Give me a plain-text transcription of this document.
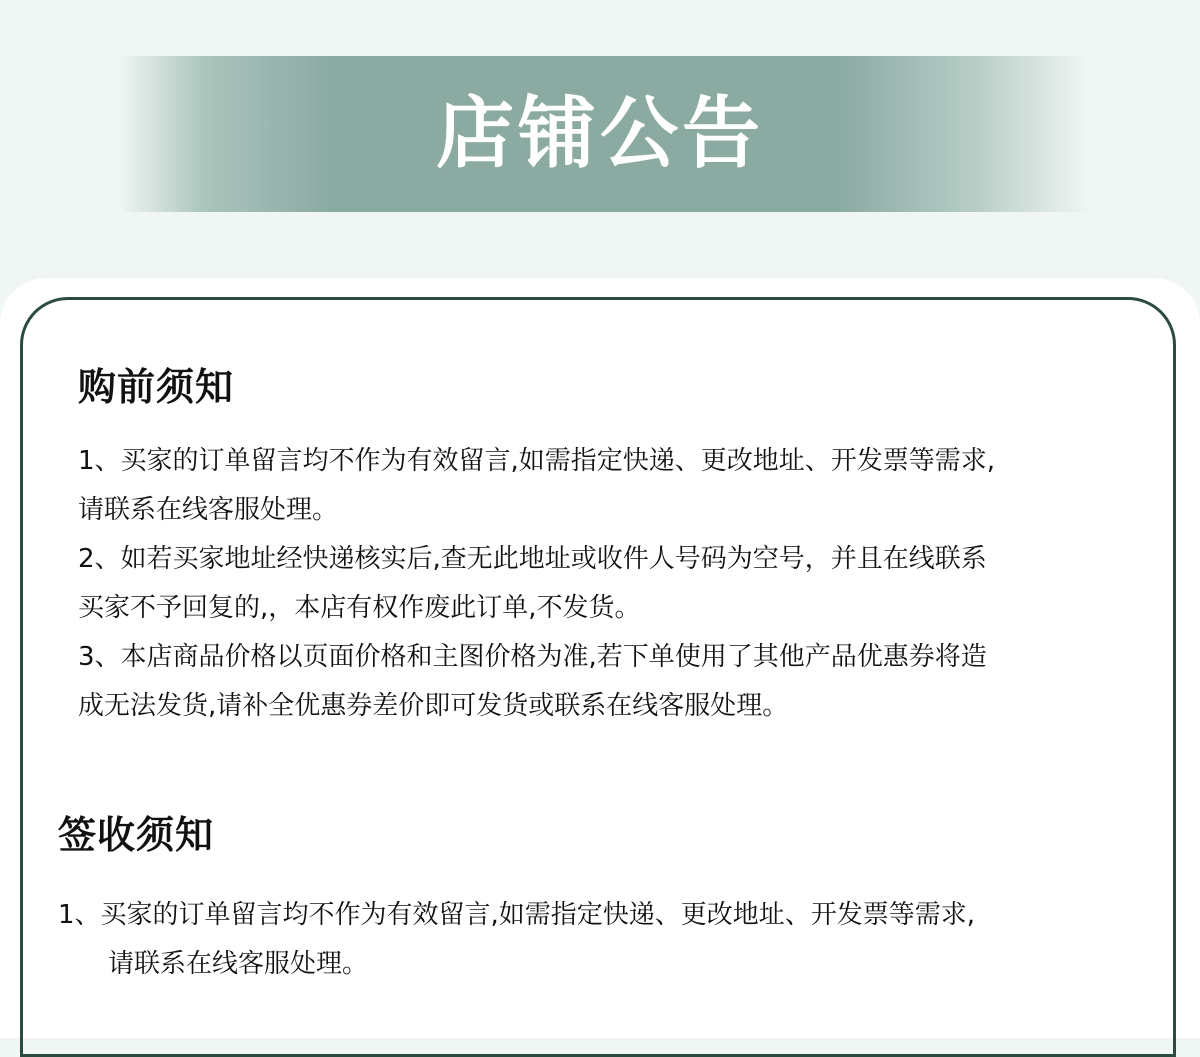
店铺公告
购前须知
1、买家的订单留言均不作为有效留言,如需指定快递、更改地址、开发票等需求,
请联系在线客服处理。
2、如若买家地址经快递核实后,查无此地址或收件人号码为空号，并且在线联系
买家不予回复的,，本店有权作废此订单,不发货。
3、本店商品价格以页面价格和主图价格为准,若下单使用了其他产品优惠券将造
成无法发货,请补全优惠券差价即可发货或联系在线客服处理。
签收须知
1、买家的订单留言均不作为有效留言,如需指定快递、更改地址、开发票等需求,
请联系在线客服处理。
